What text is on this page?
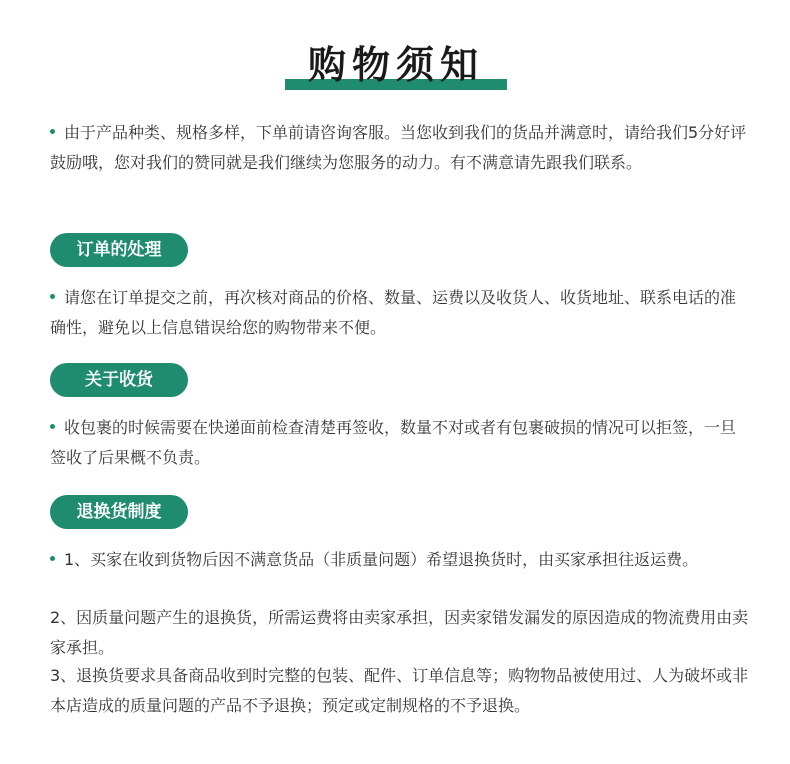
购物须知

由于产品种类、规格多样，下单前请咨询客服。当您收到我们的货品并满意时，请给我们5分好评鼓励哦，您对我们的赞同就是我们继续为您服务的动力。有不满意请先跟我们联系。

订单的处理

请您在订单提交之前，再次核对商品的价格、数量、运费以及收货人、收货地址、联系电话的准确性，避免以上信息错误给您的购物带来不便。

关于收货

收包裹的时候需要在快递面前检查清楚再签收，数量不对或者有包裹破损的情况可以拒签，一旦签收了后果概不负责。

退换货制度

1、买家在收到货物后因不满意货品（非质量问题）希望退换货时，由买家承担往返运费。

2、因质量问题产生的退换货，所需运费将由卖家承担，因卖家错发漏发的原因造成的物流费用由卖家承担。

3、退换货要求具备商品收到时完整的包装、配件、订单信息等；购物物品被使用过、人为破坏或非本店造成的质量问题的产品不予退换；预定或定制规格的不予退换。
